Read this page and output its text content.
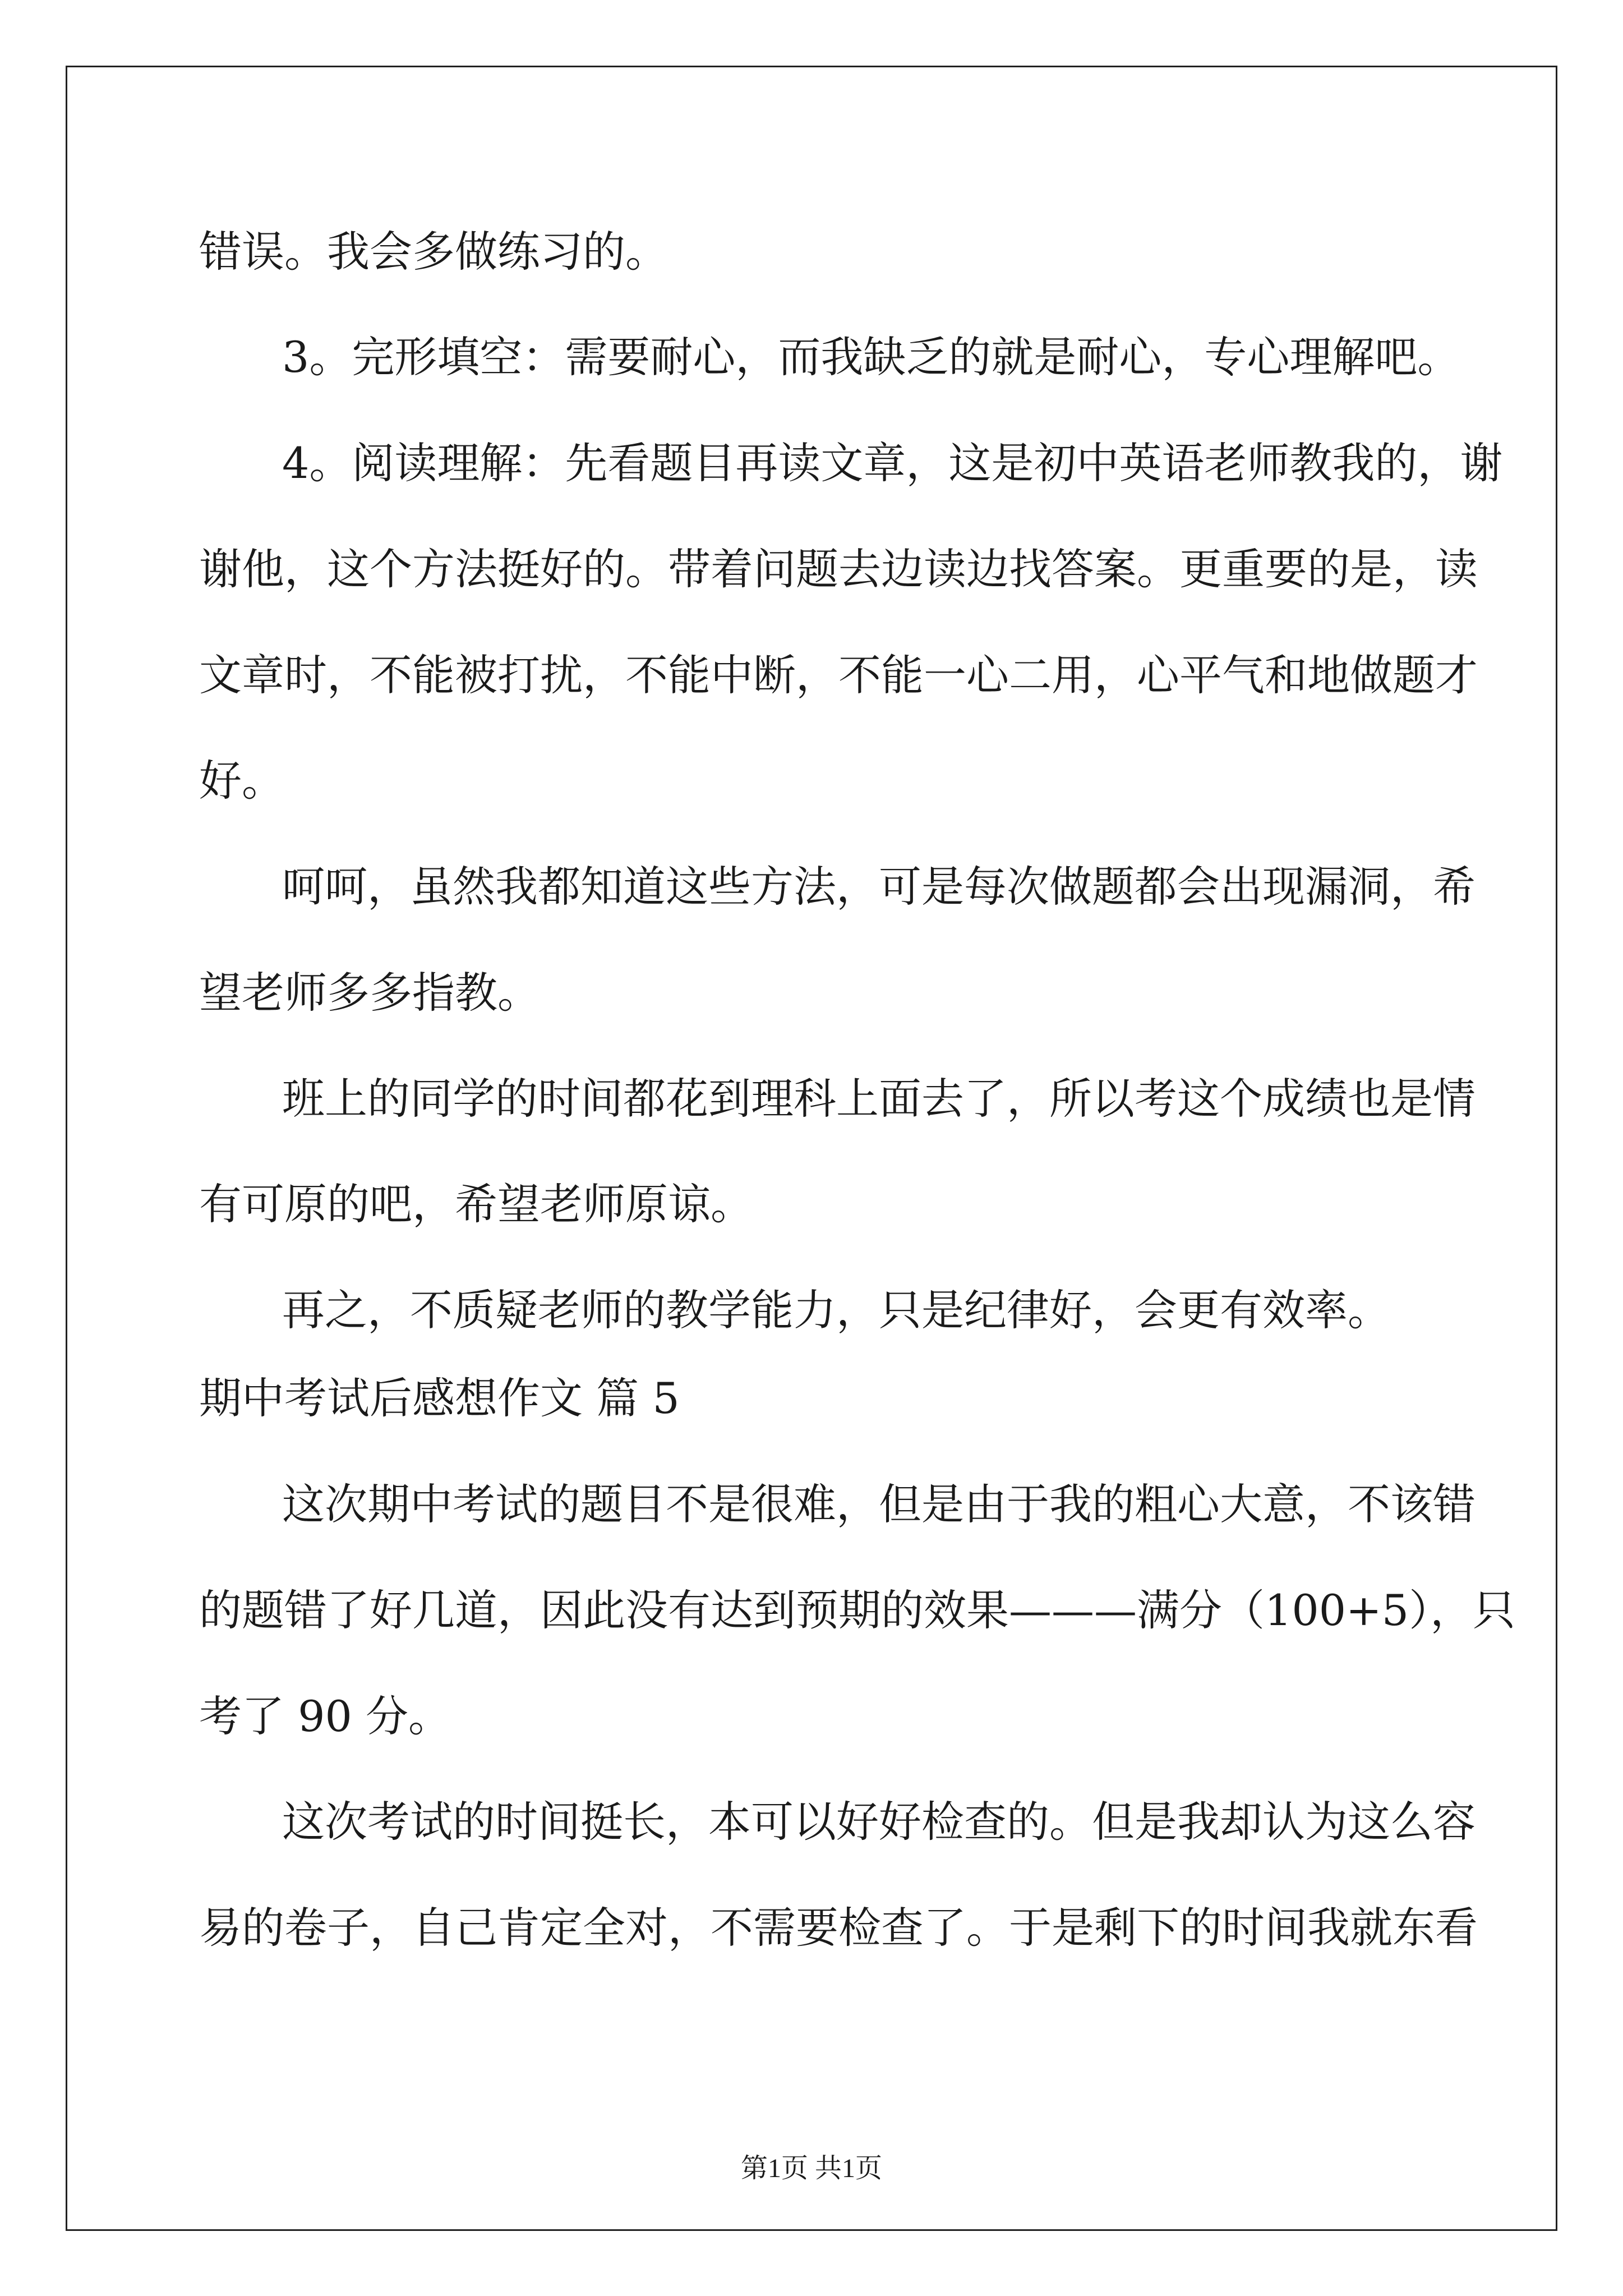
错误。我会多做练习的。
3。完形填空：需要耐心，而我缺乏的就是耐心，专心理解吧。
4。阅读理解：先看题目再读文章，这是初中英语老师教我的，谢
谢他，这个方法挺好的。带着问题去边读边找答案。更重要的是，读
文章时，不能被打扰，不能中断，不能一心二用，心平气和地做题才
好。
呵呵，虽然我都知道这些方法，可是每次做题都会出现漏洞，希
望老师多多指教。
班上的同学的时间都花到理科上面去了，所以考这个成绩也是情
有可原的吧，希望老师原谅。
再之，不质疑老师的教学能力，只是纪律好，会更有效率。
期中考试后感想作文 篇 5
这次期中考试的题目不是很难，但是由于我的粗心大意，不该错
的题错了好几道，因此没有达到预期的效果———满分（100+5），只
考了 90 分。
这次考试的时间挺长，本可以好好检查的。但是我却认为这么容
易的卷子，自己肯定全对，不需要检查了。于是剩下的时间我就东看
第1页 共1页
